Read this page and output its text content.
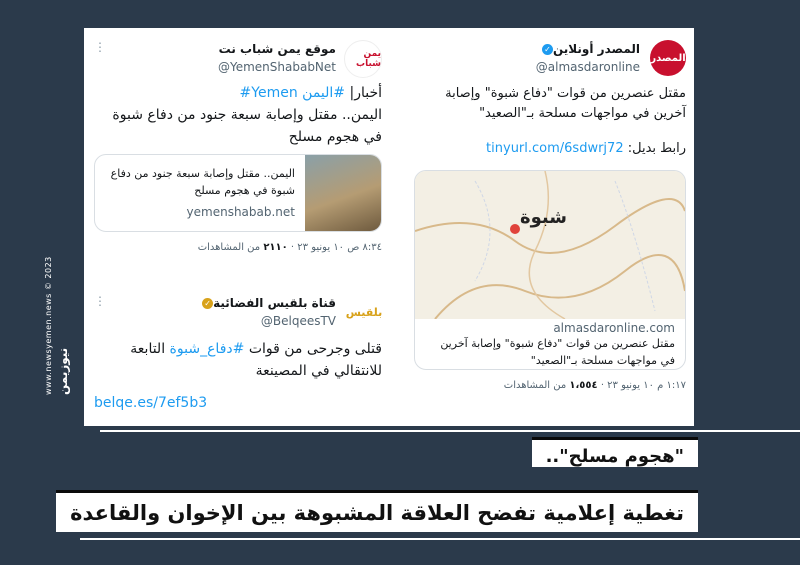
www.newsyemen.news © 2023
نيوزيمن
المصدر
المصدر أونلاين✓
@almasdaronline
مقتل عنصرين من قوات "دفاع شبوة" وإصابة آخرين في مواجهات مسلحة بـ"الصعيد"
رابط بديل: tinyurl.com/6sdwrj72
شبوة
almasdaronline.com
مقتل عنصرين من قوات "دفاع شبوة" وإصابة آخرين في مواجهات مسلحة بـ"الصعيد"
١:١٧ م ١٠ يونيو ٢٣ · ١،٥٥٤ من المشاهدات
يمن شباب
موقع يمن شباب نت
@YemenShababNet
⋮
أخبار| #اليمن #Yemen
اليمن.. مقتل وإصابة سبعة جنود من دفاع شبوة في هجوم مسلح
اليمن.. مقتل وإصابة سبعة جنود من دفاع شبوة في هجوم مسلح
yemenshabab.net
٨:٣٤ ص ١٠ يونيو ٢٣ · ٢١١٠ من المشاهدات
بلقيس
قناة بلقيس الفضائية✓
@BelqeesTV
⋮
قتلى وجرحى من قوات #دفاع_شبوة التابعة للانتقالي في المصينعة
belqe.es/7ef5b3
"هجوم مسلح"..
تغطية إعلامية تفضح العلاقة المشبوهة بين الإخوان والقاعدة
